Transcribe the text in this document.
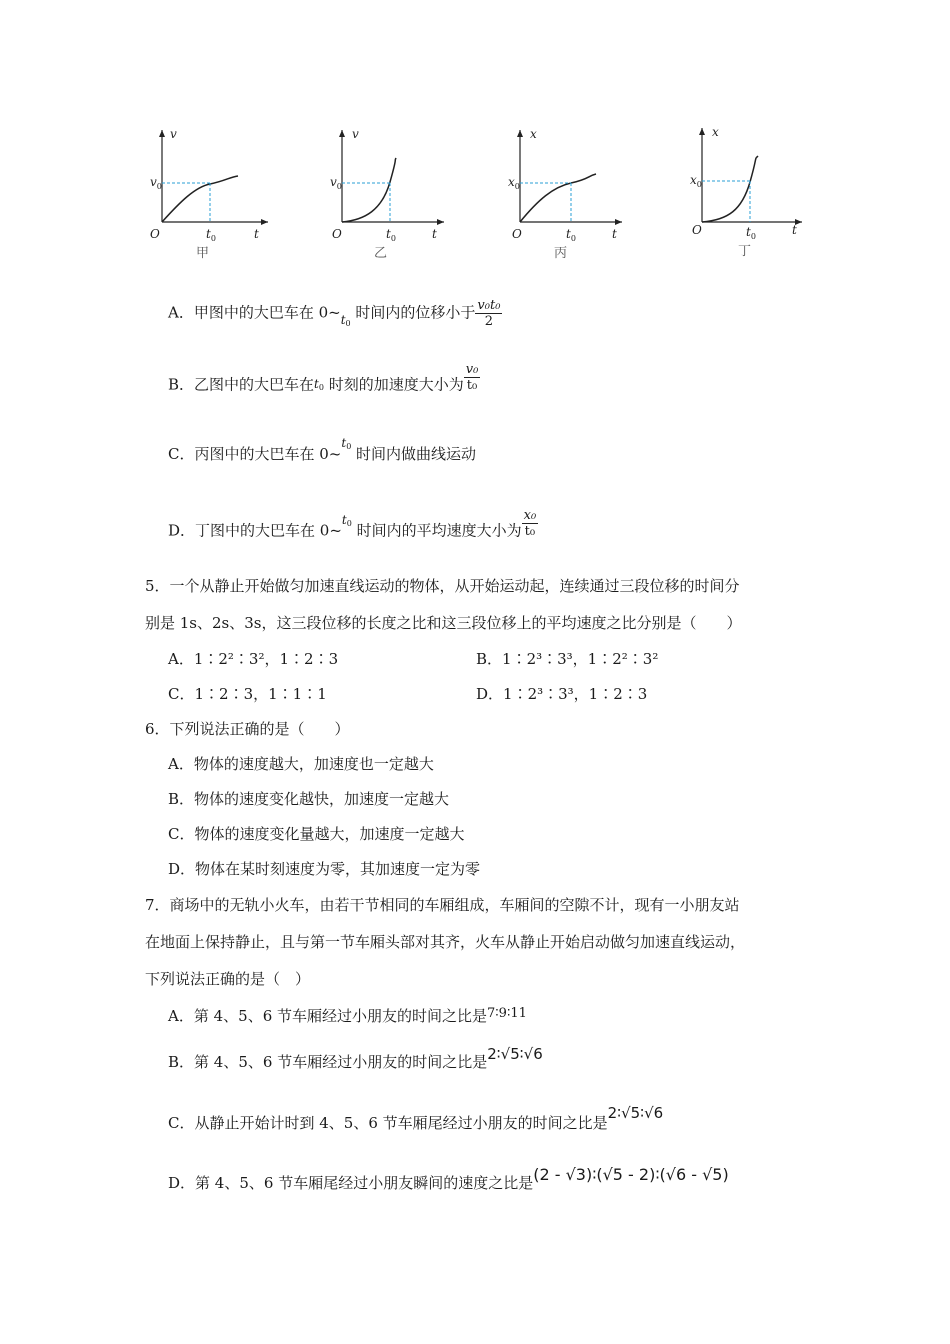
v
t
O
$v_0$
$t_0$
甲
v
t
O
$v_0$
$t_0$
乙
x
t
O
$x_0$
$t_0$
丙
x
t
O
$x_0$
$t_0$
丁
A．甲图中的大巴车在 $0\sim_{t_0}$ 时间内的位移小于 $\frac{\text{v₀t₀}}{2}$
B．乙图中的大巴车在$t_0$ 时刻的加速度大小为 $\frac{\text{v₀}}{\text{t₀}}$
C．丙图中的大巴车在 0~$^{t_0}$ 时间内做曲线运动
D．丁图中的大巴车在 0~$^{t_0}$ 时间内的平均速度大小为 $\frac{\text{x₀}}{\text{t₀}}$
5．一个从静止开始做匀加速直线运动的物体，从开始运动起，连续通过三段位移的时间分
别是 1s、2s、3s，这三段位移的长度之比和这三段位移上的平均速度之比分别是（　　）
A．1∶2²∶3²，1∶2∶3	B．1∶2³∶3³，1∶2²∶3²
C．1∶2∶3，1∶1∶1	D．1∶2³∶3³，1∶2∶3
6．下列说法正确的是（　　）
A．物体的速度越大，加速度也一定越大
B．物体的速度变化越快，加速度一定越大
C．物体的速度变化量越大，加速度一定越大
D．物体在某时刻速度为零，其加速度一定为零
7．商场中的无轨小火车，由若干节相同的车厢组成，车厢间的空隙不计，现有一小朋友站
在地面上保持静止，且与第一节车厢头部对其齐，火车从静止开始启动做匀加速直线运动，
下列说法正确的是（　）
A．第 4、5、6 节车厢经过小朋友的时间之比是7∶9∶11
B．第 4、5、6 节车厢经过小朋友的时间之比是2∶√5∶√6
C．从静止开始计时到 4、5、6 节车厢尾经过小朋友的时间之比是2∶√5∶√6
D．第 4、5、6 节车厢尾经过小朋友瞬间的速度之比是(2 - √3)∶(√5 - 2)∶(√6 - √5)
